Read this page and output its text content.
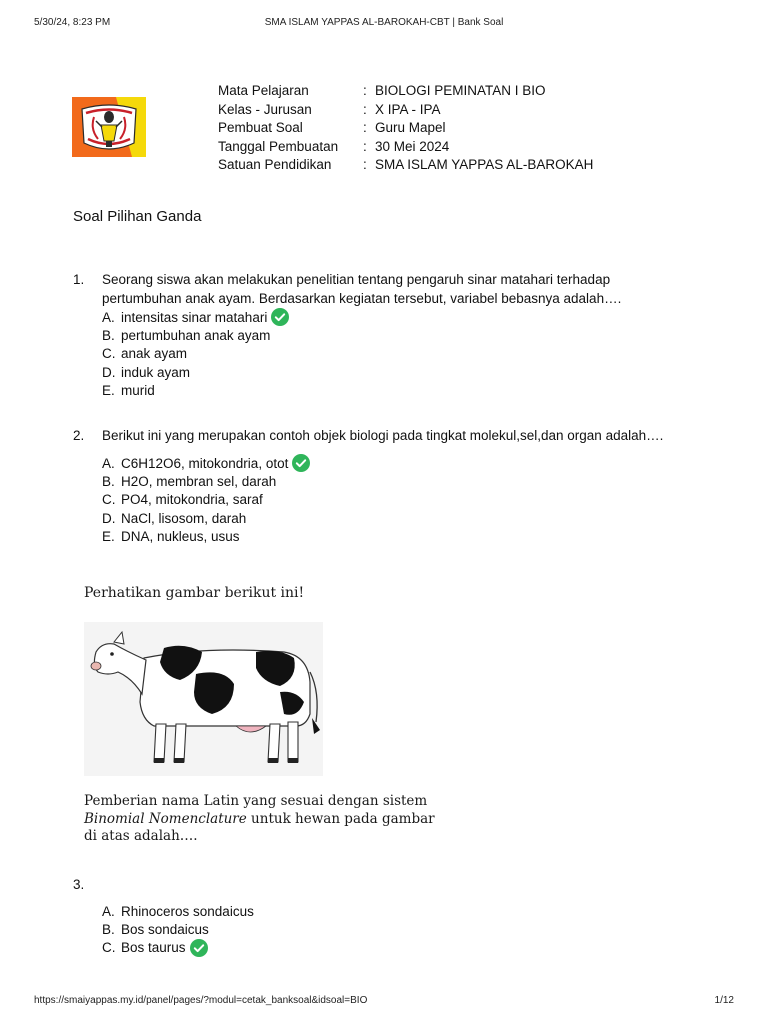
5/30/24, 8:23 PM	SMA ISLAM YAPPAS AL-BAROKAH-CBT | Bank Soal
Mata Pelajaran	: BIOLOGI PEMINATAN I BIO
Kelas - Jurusan	: X IPA - IPA
Pembuat Soal	: Guru Mapel
Tanggal Pembuatan : 30 Mei 2024
Satuan Pendidikan : SMA ISLAM YAPPAS AL-BAROKAH
Soal Pilihan Ganda
1. Seorang siswa akan melakukan penelitian tentang pengaruh sinar matahari terhadap pertumbuhan anak ayam. Berdasarkan kegiatan tersebut, variabel bebasnya adalah….
A. intensitas sinar matahari
B. pertumbuhan anak ayam
C. anak ayam
D. induk ayam
E. murid
2. Berikut ini yang merupakan contoh objek biologi pada tingkat molekul,sel,dan organ adalah….
A. C6H12O6, mitokondria, otot
B. H2O, membran sel, darah
C. PO4, mitokondria, saraf
D. NaCl, lisosom, darah
E. DNA, nukleus, usus
Perhatikan gambar berikut ini!
Pemberian nama Latin yang sesuai dengan sistem Binomial Nomenclature untuk hewan pada gambar di atas adalah….
3.
A. Rhinoceros sondaicus
B. Bos sondaicus
C. Bos taurus
https://smaiyappas.my.id/panel/pages/?modul=cetak_banksoal&idsoal=BIO	1/12
